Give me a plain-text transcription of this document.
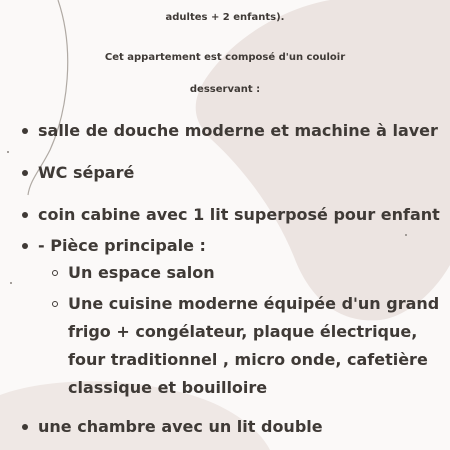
adultes + 2 enfants).

Cet appartement est composé d'un couloir

desservant :

salle de douche moderne et machine à laver

WC séparé

coin cabine avec 1 lit superposé pour enfant

- Pièce principale :

Un espace salon

Une cuisine moderne équipée d'un grand

frigo + congélateur, plaque électrique,

four traditionnel , micro onde, cafetière

classique et bouilloire

une chambre avec un lit double
